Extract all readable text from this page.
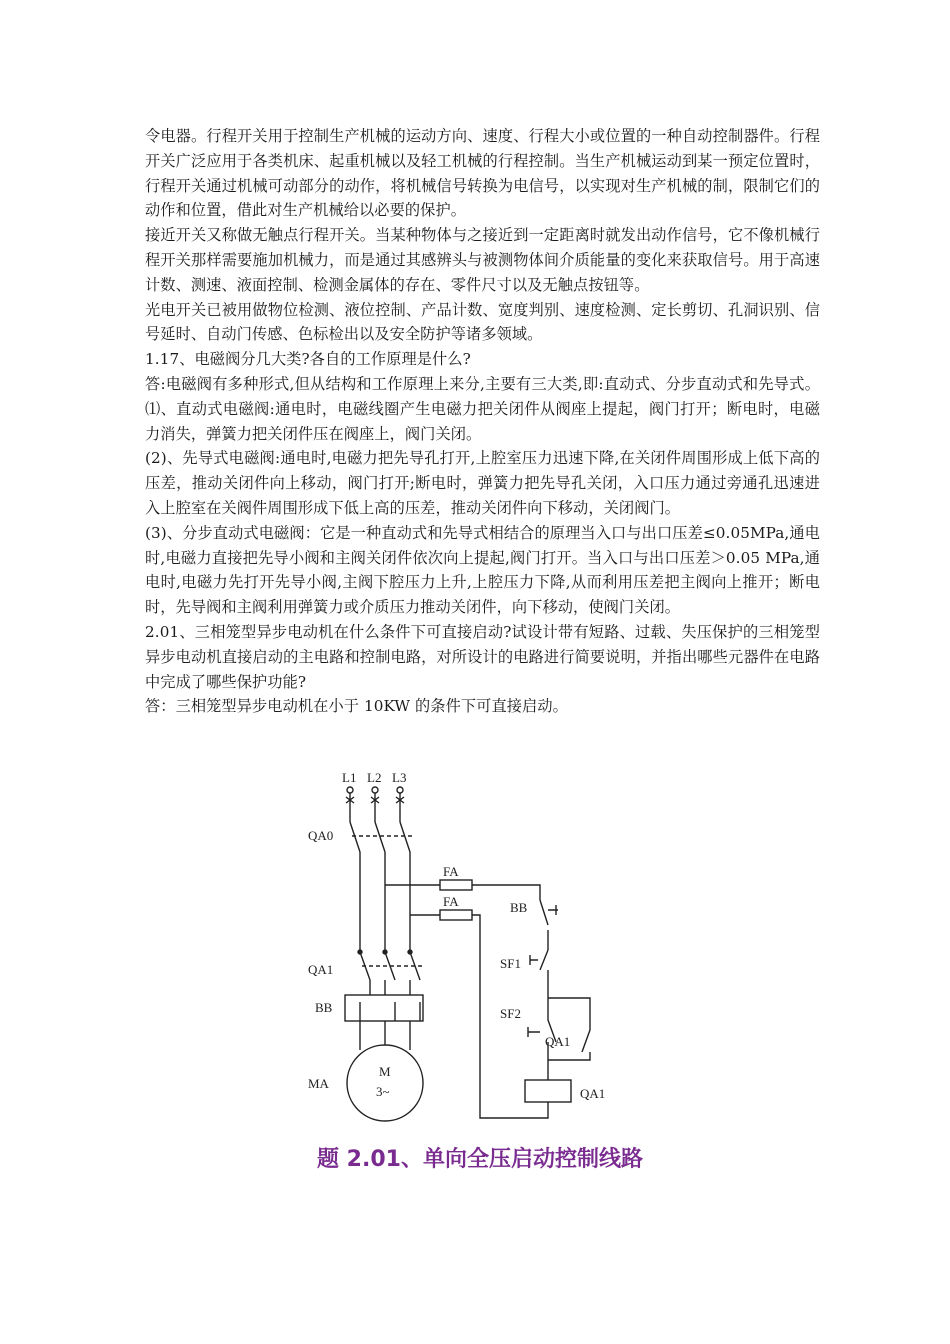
令电器。行程开关用于控制生产机械的运动方向、速度、行程大小或位置的一种自动控制器件。行程开关广泛应用于各类机床、起重机械以及轻工机械的行程控制。当生产机械运动到某一预定位置时，行程开关通过机械可动部分的动作，将机械信号转换为电信号，以实现对生产机械的制，限制它们的动作和位置，借此对生产机械给以必要的保护。

接近开关又称做无触点行程开关。当某种物体与之接近到一定距离时就发出动作信号，它不像机械行程开关那样需要施加机械力，而是通过其感辨头与被测物体间介质能量的变化来获取信号。用于高速计数、测速、液面控制、检测金属体的存在、零件尺寸以及无触点按钮等。

光电开关已被用做物位检测、液位控制、产品计数、宽度判别、速度检测、定长剪切、孔洞识别、信号延时、自动门传感、色标检出以及安全防护等诸多领域。

1.17、电磁阀分几大类?各自的工作原理是什么?

答:电磁阀有多种形式,但从结构和工作原理上来分,主要有三大类,即:直动式、分步直动式和先导式。⑴、直动式电磁阀:通电时，电磁线圈产生电磁力把关闭件从阀座上提起，阀门打开；断电时，电磁力消失，弹簧力把关闭件压在阀座上，阀门关闭。

(2)、先导式电磁阀:通电时,电磁力把先导孔打开,上腔室压力迅速下降,在关闭件周围形成上低下高的压差，推动关闭件向上移动，阀门打开;断电时，弹簧力把先导孔关闭，入口压力通过旁通孔迅速进入上腔室在关阀件周围形成下低上高的压差，推动关闭件向下移动，关闭阀门。

(3)、分步直动式电磁阀：它是一种直动式和先导式相结合的原理当入口与出口压差≤0.05MPa,通电时,电磁力直接把先导小阀和主阀关闭件依次向上提起,阀门打开。当入口与出口压差＞0.05 MPa,通电时,电磁力先打开先导小阀,主阀下腔压力上升,上腔压力下降,从而利用压差把主阀向上推开；断电时，先导阀和主阀利用弹簧力或介质压力推动关闭件，向下移动，使阀门关闭。

2.01、三相笼型异步电动机在什么条件下可直接启动?试设计带有短路、过载、失压保护的三相笼型异步电动机直接启动的主电路和控制电路，对所设计的电路进行简要说明，并指出哪些元器件在电路中完成了哪些保护功能?

答：三相笼型异步电动机在小于 10KW 的条件下可直接启动。

L1 L2 L3
QA0
FA
FA	BB
SF1
QA1
BB	SF2
QA1
MA
M
3~	QA1
题 2.01、单向全压启动控制线路
